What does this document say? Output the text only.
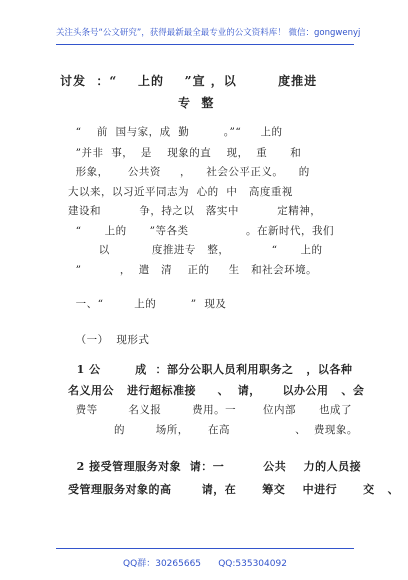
关注头条号“公文研究”，获得最新最全最专业的公文资料库！ 微信：gongwenyj
讨发  ：“    上的    ”宣 ，以        度推进
专  整
“    前  国与家，成  勤         。”“     上的
”并非  事，  是    现象的直    现，  重      和
形象，     公共资     ，    社会公平正义。    的
大以来，以习近平同志为  心的  中   高度重视
建设和          争，持之以   落实中          定精神，
“      上的      ”等各类               。在新时代，我们
以           度推进专   整，           “      上的
”          ，  遣   清    正的     生   和社会环境。
一、“        上的         ”  现及
（一）  现形式
1 公        成  ：部分公职人员利用职务之   ，以各种
名义用公   进行超标准接     、  请，     以办公用   、会
费等        名义报        费用。一       位内部      也成了
的        场所，     在高                 、  费现象。
2 接受管理服务对象  请：一         公共    力的人员接
受管理服务对象的高       请，在      筹交    中进行      交   、
QQ群：30265665 QQ:535304092
